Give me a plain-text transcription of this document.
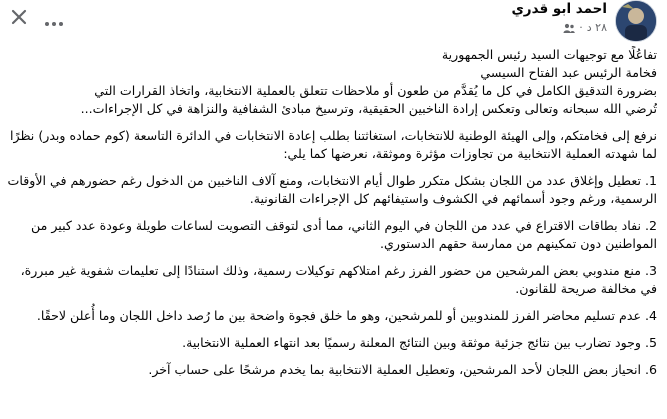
احمد ابو قدري
٢٨ د
·

تفاعُلًا مع توجيهات السيد رئيس الجمهورية

فخامة الرئيس عبد الفتاح السيسي

بضرورة التدقيق الكامل في كل ما يُقدَّم من طعون أو ملاحظات تتعلق بالعملية الانتخابية، واتخاذ القرارات التي

تُرضي الله سبحانه وتعالى وتعكس إرادة الناخبين الحقيقية، وترسيخ مبادئ الشفافية والنزاهة في كل الإجراءات...

نرفع إلى فخامتكم، وإلى الهيئة الوطنية للانتخابات، استغاثتنا بطلب إعادة الانتخابات في الدائرة التاسعة (كوم حماده وبدر) نظرًا لما شهدته العملية الانتخابية من تجاوزات مؤثرة وموثقة، نعرضها كما يلي:

1. تعطيل وإغلاق عدد من اللجان بشكل متكرر طوال أيام الانتخابات، ومنع آلاف الناخبين من الدخول رغم حضورهم في الأوقات الرسمية، ورغم وجود أسمائهم في الكشوف واستيفائهم كل الإجراءات القانونية.

2. نفاد بطاقات الاقتراع في عدد من اللجان في اليوم الثاني، مما أدى لتوقف التصويت لساعات طويلة وعودة عدد كبير من المواطنين دون تمكينهم من ممارسة حقهم الدستوري.

3. منع مندوبي بعض المرشحين من حضور الفرز رغم امتلاكهم توكيلات رسمية، وذلك استنادًا إلى تعليمات شفوية غير مبررة، في مخالفة صريحة للقانون.

4. عدم تسليم محاضر الفرز للمندوبين أو للمرشحين، وهو ما خلق فجوة واضحة بين ما رُصد داخل اللجان وما أُعلن لاحقًا.

5. وجود تضارب بين نتائج جزئية موثقة وبين النتائج المعلنة رسميًا بعد انتهاء العملية الانتخابية.

6. انحياز بعض اللجان لأحد المرشحين، وتعطيل العملية الانتخابية بما يخدم مرشحًا على حساب آخر.
